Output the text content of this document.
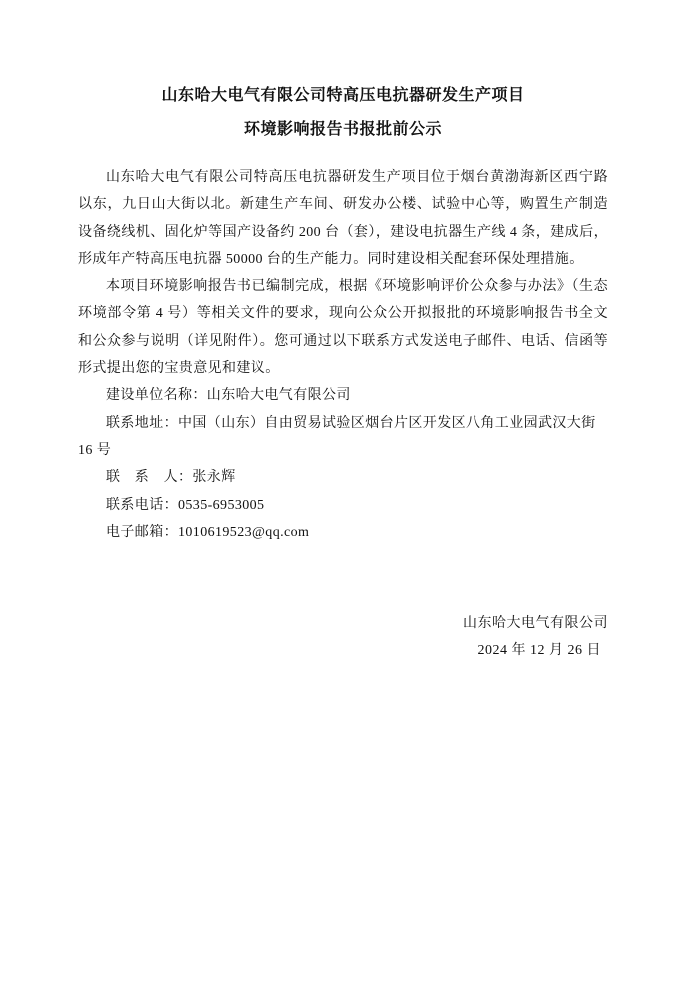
山东哈大电气有限公司特高压电抗器研发生产项目
环境影响报告书报批前公示

山东哈大电气有限公司特高压电抗器研发生产项目位于烟台黄渤海新区西宁路以东，九日山大街以北。新建生产车间、研发办公楼、试验中心等，购置生产制造设备绕线机、固化炉等国产设备约 200 台（套），建设电抗器生产线 4 条，建成后，形成年产特高压电抗器 50000 台的生产能力。同时建设相关配套环保处理措施。

本项目环境影响报告书已编制完成，根据《环境影响评价公众参与办法》（生态环境部令第 4 号）等相关文件的要求，现向公众公开拟报批的环境影响报告书全文和公众参与说明（详见附件）。您可通过以下联系方式发送电子邮件、电话、信函等形式提出您的宝贵意见和建议。

建设单位名称：山东哈大电气有限公司

联系地址：中国（山东）自由贸易试验区烟台片区开发区八角工业园武汉大街 16 号

联　系　人：张永辉

联系电话：0535-6953005

电子邮箱：1010619523@qq.com

山东哈大电气有限公司

2024 年 12 月 26 日
